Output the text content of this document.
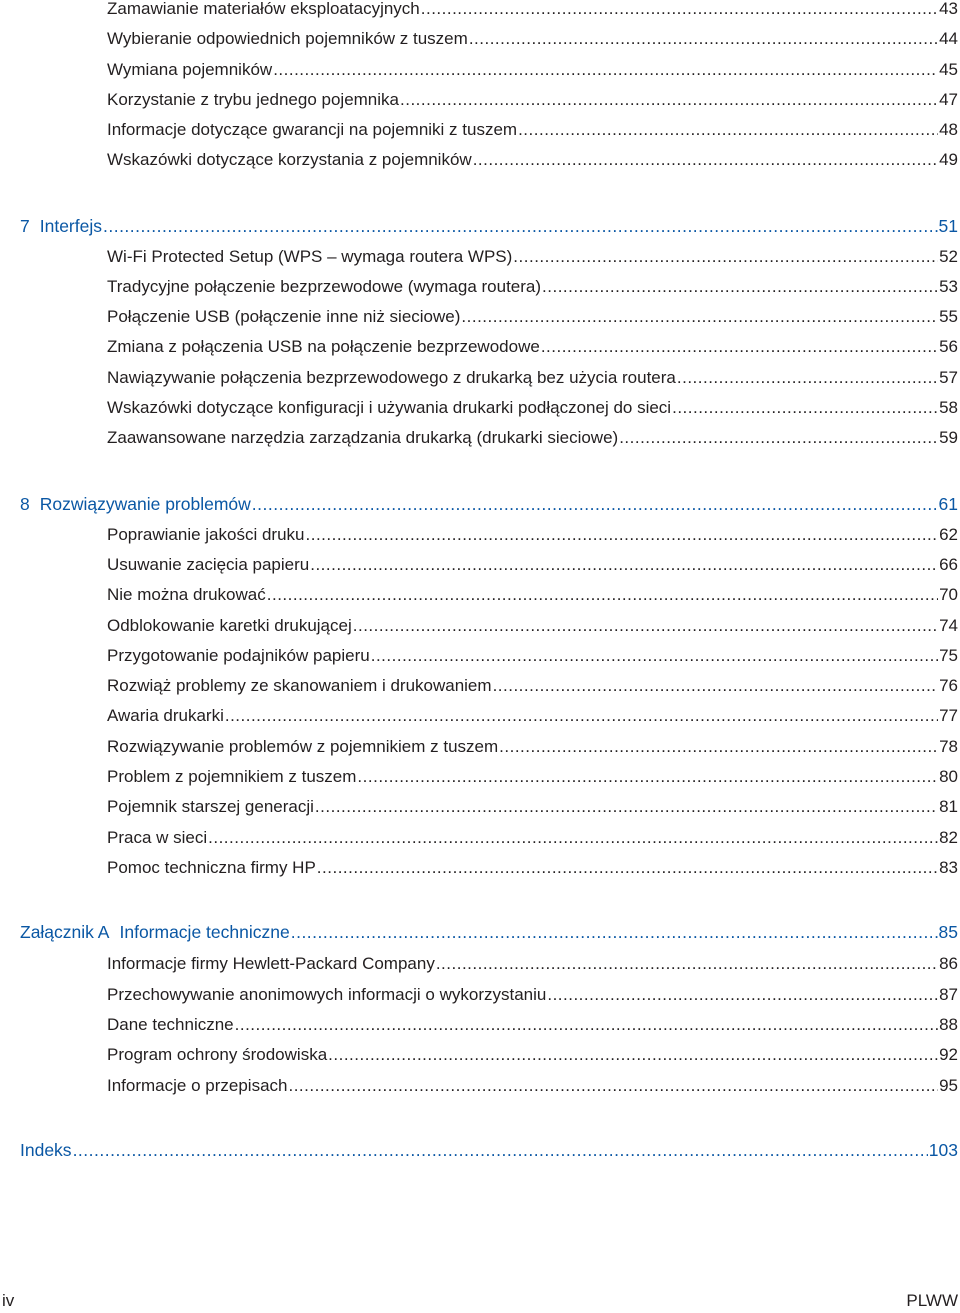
Zamawianie materiałów eksploatacyjnych .....	43
Wybieranie odpowiednich pojemników z tuszem .....	44
Wymiana pojemników .....	45
Korzystanie z trybu jednego pojemnika .....	47
Informacje dotyczące gwarancji na pojemniki z tuszem .....	48
Wskazówki dotyczące korzystania z pojemników .....	49
7 Interfejs .....	51
Wi-Fi Protected Setup (WPS – wymaga routera WPS) .....	52
Tradycyjne połączenie bezprzewodowe (wymaga routera) .....	53
Połączenie USB (połączenie inne niż sieciowe) .....	55
Zmiana z połączenia USB na połączenie bezprzewodowe .....	56
Nawiązywanie połączenia bezprzewodowego z drukarką bez użycia routera .....	57
Wskazówki dotyczące konfiguracji i używania drukarki podłączonej do sieci .....	58
Zaawansowane narzędzia zarządzania drukarką (drukarki sieciowe) .....	59
8 Rozwiązywanie problemów .....	61
Poprawianie jakości druku .....	62
Usuwanie zacięcia papieru .....	66
Nie można drukować .....	70
Odblokowanie karetki drukującej .....	74
Przygotowanie podajników papieru .....	75
Rozwiąż problemy ze skanowaniem i drukowaniem .....	76
Awaria drukarki .....	77
Rozwiązywanie problemów z pojemnikiem z tuszem .....	78
Problem z pojemnikiem z tuszem .....	80
Pojemnik starszej generacji .....	81
Praca w sieci .....	82
Pomoc techniczna firmy HP .....	83
Załącznik A Informacje techniczne .....	85
Informacje firmy Hewlett-Packard Company .....	86
Przechowywanie anonimowych informacji o wykorzystaniu .....	87
Dane techniczne .....	88
Program ochrony środowiska .....	92
Informacje o przepisach .....	95
Indeks .....	103
iv	PLWW
